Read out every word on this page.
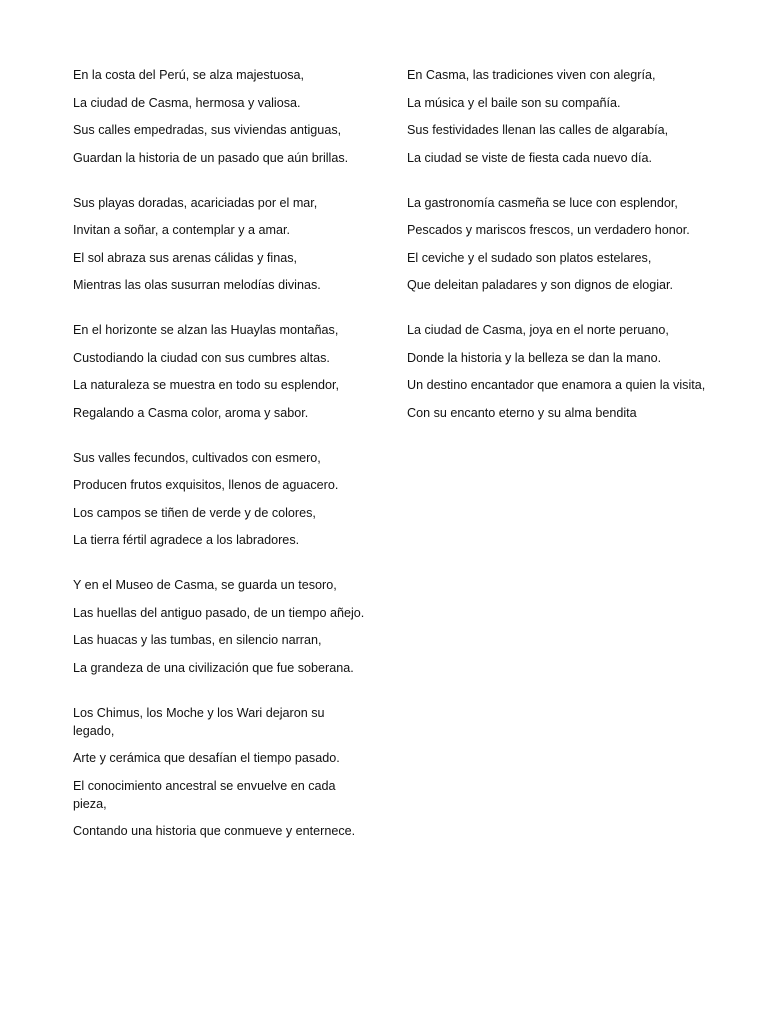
En la costa del Perú, se alza majestuosa,
La ciudad de Casma, hermosa y valiosa.
Sus calles empedradas, sus viviendas antiguas,
Guardan la historia de un pasado que aún brillas.
Sus playas doradas, acariciadas por el mar,
Invitan a soñar, a contemplar y a amar.
El sol abraza sus arenas cálidas y finas,
Mientras las olas susurran melodías divinas.
En el horizonte se alzan las Huaylas montañas,
Custodiando la ciudad con sus cumbres altas.
La naturaleza se muestra en todo su esplendor,
Regalando a Casma color, aroma y sabor.
Sus valles fecundos, cultivados con esmero,
Producen frutos exquisitos, llenos de aguacero.
Los campos se tiñen de verde y de colores,
La tierra fértil agradece a los labradores.
Y en el Museo de Casma, se guarda un tesoro,
Las huellas del antiguo pasado, de un tiempo añejo.
Las huacas y las tumbas, en silencio narran,
La grandeza de una civilización que fue soberana.
Los Chimus, los Moche y los Wari dejaron su legado,
Arte y cerámica que desafían el tiempo pasado.
El conocimiento ancestral se envuelve en cada pieza,
Contando una historia que conmueve y enternece.
En Casma, las tradiciones viven con alegría,
La música y el baile son su compañía.
Sus festividades llenan las calles de algarabía,
La ciudad se viste de fiesta cada nuevo día.
La gastronomía casmeña se luce con esplendor,
Pescados y mariscos frescos, un verdadero honor.
El ceviche y el sudado son platos estelares,
Que deleitan paladares y son dignos de elogiar.
La ciudad de Casma, joya en el norte peruano,
Donde la historia y la belleza se dan la mano.
Un destino encantador que enamora a quien la visita,
Con su encanto eterno y su alma bendita
